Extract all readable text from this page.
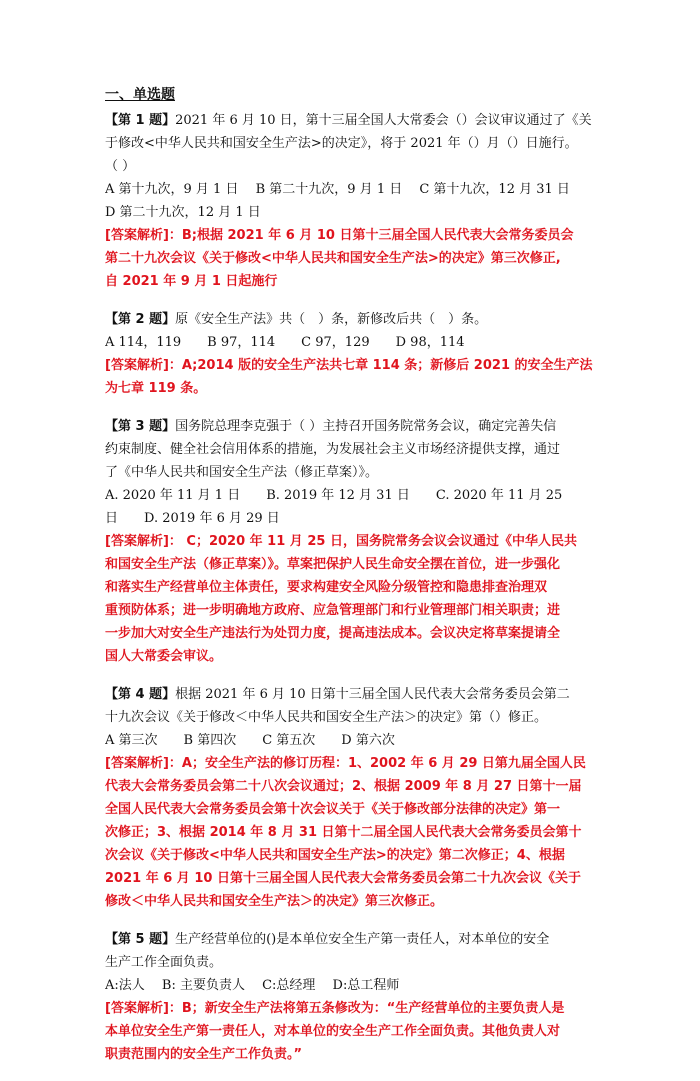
一、单选题
【第 1 题】2021 年 6 月 10 日，第十三届全国人大常委会（）会议审议通过了《关
于修改<中华人民共和国安全生产法>的决定》，将于 2021 年（）月（）日施行。
（ ）
A 第十九次，9 月 1 日　 B 第二十九次，9 月 1 日　 C 第十九次，12 月 31 日
D 第二十九次，12 月 1 日
[答案解析]：B;根据 2021 年 6 月 10 日第十三届全国人民代表大会常务委员会
第二十九次会议《关于修改<中华人民共和国安全生产法>的决定》第三次修正,
自 2021 年 9 月 1 日起施行
【第 2 题】原《安全生产法》共（　）条，新修改后共（　）条。
A 114，119　　B 97，114　　C 97，129　　D 98，114
[答案解析]：A;2014 版的安全生产法共七章 114 条；新修后 2021 的安全生产法
为七章 119 条。
【第 3 题】国务院总理李克强于（ ）主持召开国务院常务会议，确定完善失信
约束制度、健全社会信用体系的措施，为发展社会主义市场经济提供支撑，通过
了《中华人民共和国安全生产法（修正草案）》。
A. 2020 年 11 月 1 日　　B. 2019 年 12 月 31 日　　C. 2020 年 11 月 25
日　　D. 2019 年 6 月 29 日
[答案解析]： C；2020 年 11 月 25 日，国务院常务会议会议通过《中华人民共
和国安全生产法（修正草案）》。草案把保护人民生命安全摆在首位，进一步强化
和落实生产经营单位主体责任，要求构建安全风险分级管控和隐患排查治理双
重预防体系；进一步明确地方政府、应急管理部门和行业管理部门相关职责；进
一步加大对安全生产违法行为处罚力度，提高违法成本。会议决定将草案提请全
国人大常委会审议。
【第 4 题】根据 2021 年 6 月 10 日第十三届全国人民代表大会常务委员会第二
十九次会议《关于修改＜中华人民共和国安全生产法＞的决定》第（）修正。
A 第三次　　B 第四次　　C 第五次　　D 第六次
[答案解析]：A；安全生产法的修订历程：1、2002 年 6 月 29 日第九届全国人民
代表大会常务委员会第二十八次会议通过；2、根据 2009 年 8 月 27 日第十一届
全国人民代表大会常务委员会第十次会议关于《关于修改部分法律的决定》第一
次修正；3、根据 2014 年 8 月 31 日第十二届全国人民代表大会常务委员会第十
次会议《关于修改<中华人民共和国安全生产法>的决定》第二次修正；4、根据
2021 年 6 月 10 日第十三届全国人民代表大会常务委员会第二十九次会议《关于
修改＜中华人民共和国安全生产法＞的决定》第三次修正。
【第 5 题】生产经营单位的()是本单位安全生产第一责任人，对本单位的安全
生产工作全面负责。
A:法人　 B: 主要负责人　 C:总经理　 D:总工程师
[答案解析]：B；新安全生产法将第五条修改为：“生产经营单位的主要负责人是
本单位安全生产第一责任人，对本单位的安全生产工作全面负责。其他负责人对
职责范围内的安全生产工作负责。”
